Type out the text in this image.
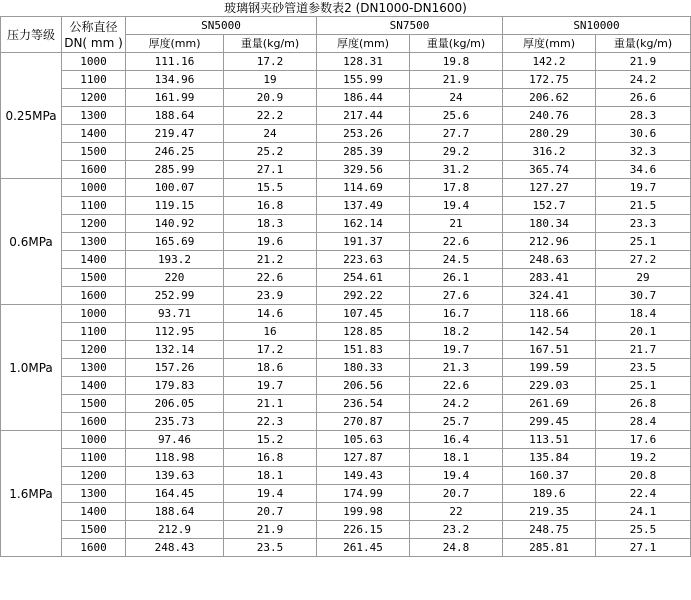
玻璃钢夹砂管道参数表2 (DN1000-DN1600)
压力等级	公称直径
DN( mm )	SN5000		SN7500		SN10000	
		厚度(mm)	重量(kg/m)	厚度(mm)	重量(kg/m)	厚度(mm)	重量(kg/m)
0.25MPa	1000	111.16	17.2	128.31	19.8	142.2	21.9
	1100	134.96	19	155.99	21.9	172.75	24.2
	1200	161.99	20.9	186.44	24	206.62	26.6
	1300	188.64	22.2	217.44	25.6	240.76	28.3
	1400	219.47	24	253.26	27.7	280.29	30.6
	1500	246.25	25.2	285.39	29.2	316.2	32.3
	1600	285.99	27.1	329.56	31.2	365.74	34.6
0.6MPa	1000	100.07	15.5	114.69	17.8	127.27	19.7
	1100	119.15	16.8	137.49	19.4	152.7	21.5
	1200	140.92	18.3	162.14	21	180.34	23.3
	1300	165.69	19.6	191.37	22.6	212.96	25.1
	1400	193.2	21.2	223.63	24.5	248.63	27.2
	1500	220	22.6	254.61	26.1	283.41	29
	1600	252.99	23.9	292.22	27.6	324.41	30.7
1.0MPa	1000	93.71	14.6	107.45	16.7	118.66	18.4
	1100	112.95	16	128.85	18.2	142.54	20.1
	1200	132.14	17.2	151.83	19.7	167.51	21.7
	1300	157.26	18.6	180.33	21.3	199.59	23.5
	1400	179.83	19.7	206.56	22.6	229.03	25.1
	1500	206.05	21.1	236.54	24.2	261.69	26.8
	1600	235.73	22.3	270.87	25.7	299.45	28.4
1.6MPa	1000	97.46	15.2	105.63	16.4	113.51	17.6
	1100	118.98	16.8	127.87	18.1	135.84	19.2
	1200	139.63	18.1	149.43	19.4	160.37	20.8
	1300	164.45	19.4	174.99	20.7	189.6	22.4
	1400	188.64	20.7	199.98	22	219.35	24.1
	1500	212.9	21.9	226.15	23.2	248.75	25.5
	1600	248.43	23.5	261.45	24.8	285.81	27.1
